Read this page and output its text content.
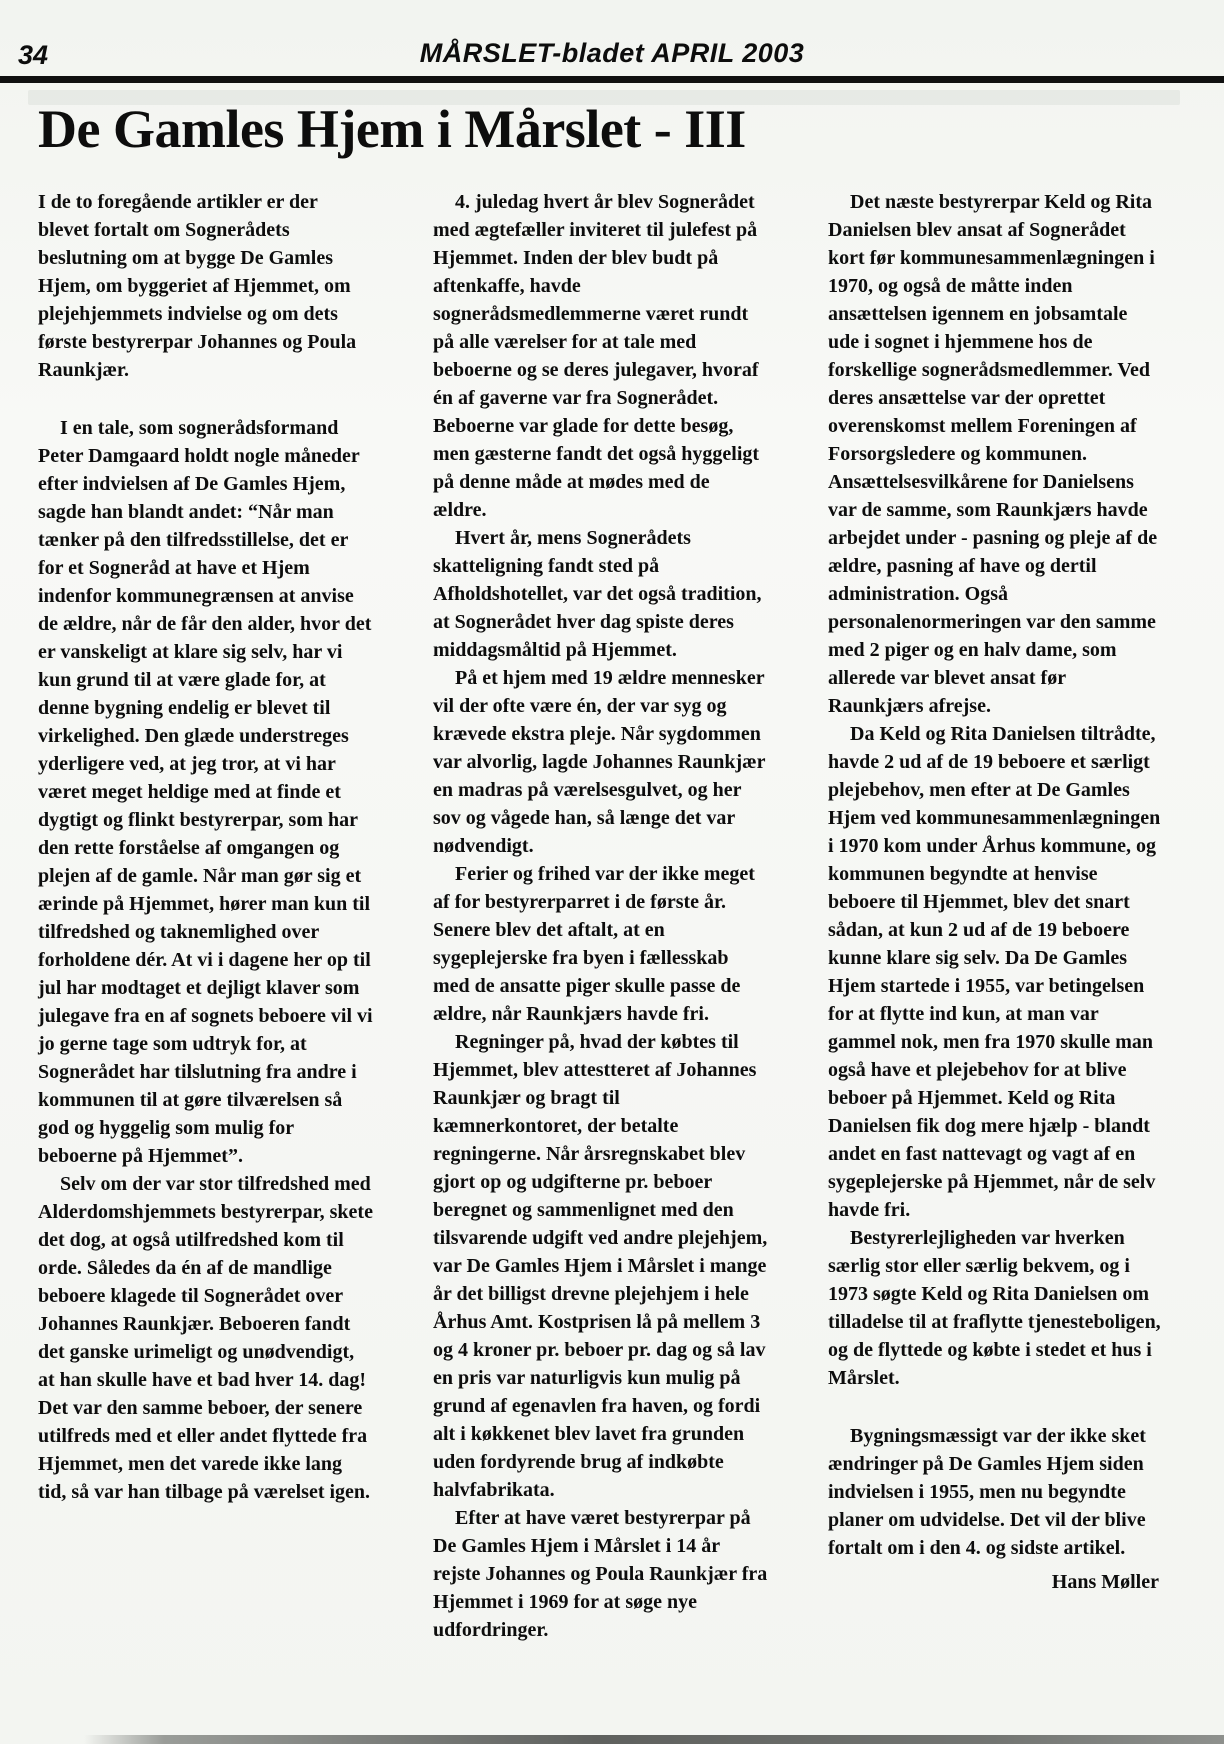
34	MÅRSLET-bladet APRIL 2003
De Gamles Hjem i Mårslet - III

I de to foregående artikler er der blevet fortalt om Sognerådets beslutning om at bygge De Gamles Hjem, om byggeriet af Hjemmet, om plejehjemmets indvielse og om dets første bestyrerpar Johannes og Poula Raunkjær.

I en tale, som sognerådsformand Peter Damgaard holdt nogle måneder efter indvielsen af De Gamles Hjem, sagde han blandt andet: “Når man tænker på den tilfredsstillelse, det er for et Sogneråd at have et Hjem indenfor kommunegrænsen at anvise de ældre, når de får den alder, hvor det er vanskeligt at klare sig selv, har vi kun grund til at være glade for, at denne bygning endelig er blevet til virkelighed. Den glæde understreges yderligere ved, at jeg tror, at vi har været meget heldige med at finde et dygtigt og flinkt bestyrerpar, som har den rette forståelse af omgangen og plejen af de gamle. Når man gør sig et ærinde på Hjemmet, hører man kun til tilfredshed og taknemlighed over forholdene dér. At vi i dagene her op til jul har modtaget et dejligt klaver som julegave fra en af sognets beboere vil vi jo gerne tage som udtryk for, at Sognerådet har tilslutning fra andre i kommunen til at gøre tilværelsen så god og hyggelig som mulig for beboerne på Hjemmet”.

Selv om der var stor tilfredshed med Alderdomshjemmets bestyrerpar, skete det dog, at også utilfredshed kom til orde. Således da én af de mandlige beboere klagede til Sognerådet over Johannes Raunkjær. Beboeren fandt det ganske urimeligt og unødvendigt, at han skulle have et bad hver 14. dag! Det var den samme beboer, der senere utilfreds med et eller andet flyttede fra Hjemmet, men det varede ikke lang tid, så var han tilbage på værelset igen.

4. juledag hvert år blev Sognerådet med ægtefæller inviteret til julefest på Hjemmet. Inden der blev budt på aftenkaffe, havde sognerådsmedlemmerne været rundt på alle værelser for at tale med beboerne og se deres julegaver, hvoraf én af gaverne var fra Sognerådet. Beboerne var glade for dette besøg, men gæsterne fandt det også hyggeligt på denne måde at mødes med de ældre.

Hvert år, mens Sognerådets skatteligning fandt sted på Afholdshotellet, var det også tradition, at Sognerådet hver dag spiste deres middagsmåltid på Hjemmet.

På et hjem med 19 ældre mennesker vil der ofte være én, der var syg og krævede ekstra pleje. Når sygdommen var alvorlig, lagde Johannes Raunkjær en madras på værelsesgulvet, og her sov og vågede han, så længe det var nødvendigt.

Ferier og frihed var der ikke meget af for bestyrerparret i de første år. Senere blev det aftalt, at en sygeplejerske fra byen i fællesskab med de ansatte piger skulle passe de ældre, når Raunkjærs havde fri.

Regninger på, hvad der købtes til Hjemmet, blev attestteret af Johannes Raunkjær og bragt til kæmnerkontoret, der betalte regningerne. Når årsregnskabet blev gjort op og udgifterne pr. beboer beregnet og sammenlignet med den tilsvarende udgift ved andre plejehjem, var De Gamles Hjem i Mårslet i mange år det billigst drevne plejehjem i hele Århus Amt. Kostprisen lå på mellem 3 og 4 kroner pr. beboer pr. dag og så lav en pris var naturligvis kun mulig på grund af egenavlen fra haven, og fordi alt i køkkenet blev lavet fra grunden uden fordyrende brug af indkøbte halvfabrikata.

Efter at have været bestyrerpar på De Gamles Hjem i Mårslet i 14 år rejste Johannes og Poula Raunkjær fra Hjemmet i 1969 for at søge nye udfordringer.

Det næste bestyrerpar Keld og Rita Danielsen blev ansat af Sognerådet kort før kommunesammenlægningen i 1970, og også de måtte inden ansættelsen igennem en jobsamtale ude i sognet i hjemmene hos de forskellige sognerådsmedlemmer. Ved deres ansættelse var der oprettet overenskomst mellem Foreningen af Forsorgsledere og kommunen. Ansættelsesvilkårene for Danielsens var de samme, som Raunkjærs havde arbejdet under - pasning og pleje af de ældre, pasning af have og dertil administration. Også personalenormeringen var den samme med 2 piger og en halv dame, som allerede var blevet ansat før Raunkjærs afrejse.

Da Keld og Rita Danielsen tiltrådte, havde 2 ud af de 19 beboere et særligt plejebehov, men efter at De Gamles Hjem ved kommunesammenlægningen i 1970 kom under Århus kommune, og kommunen begyndte at henvise beboere til Hjemmet, blev det snart sådan, at kun 2 ud af de 19 beboere kunne klare sig selv. Da De Gamles Hjem startede i 1955, var betingelsen for at flytte ind kun, at man var gammel nok, men fra 1970 skulle man også have et plejebehov for at blive beboer på Hjemmet. Keld og Rita Danielsen fik dog mere hjælp - blandt andet en fast nattevagt og vagt af en sygeplejerske på Hjemmet, når de selv havde fri.

Bestyrerlejligheden var hverken særlig stor eller særlig bekvem, og i 1973 søgte Keld og Rita Danielsen om tilladelse til at fraflytte tjenesteboligen, og de flyttede og købte i stedet et hus i Mårslet.

Bygningsmæssigt var der ikke sket ændringer på De Gamles Hjem siden indvielsen i 1955, men nu begyndte planer om udvidelse. Det vil der blive fortalt om i den 4. og sidste artikel.

Hans Møller
